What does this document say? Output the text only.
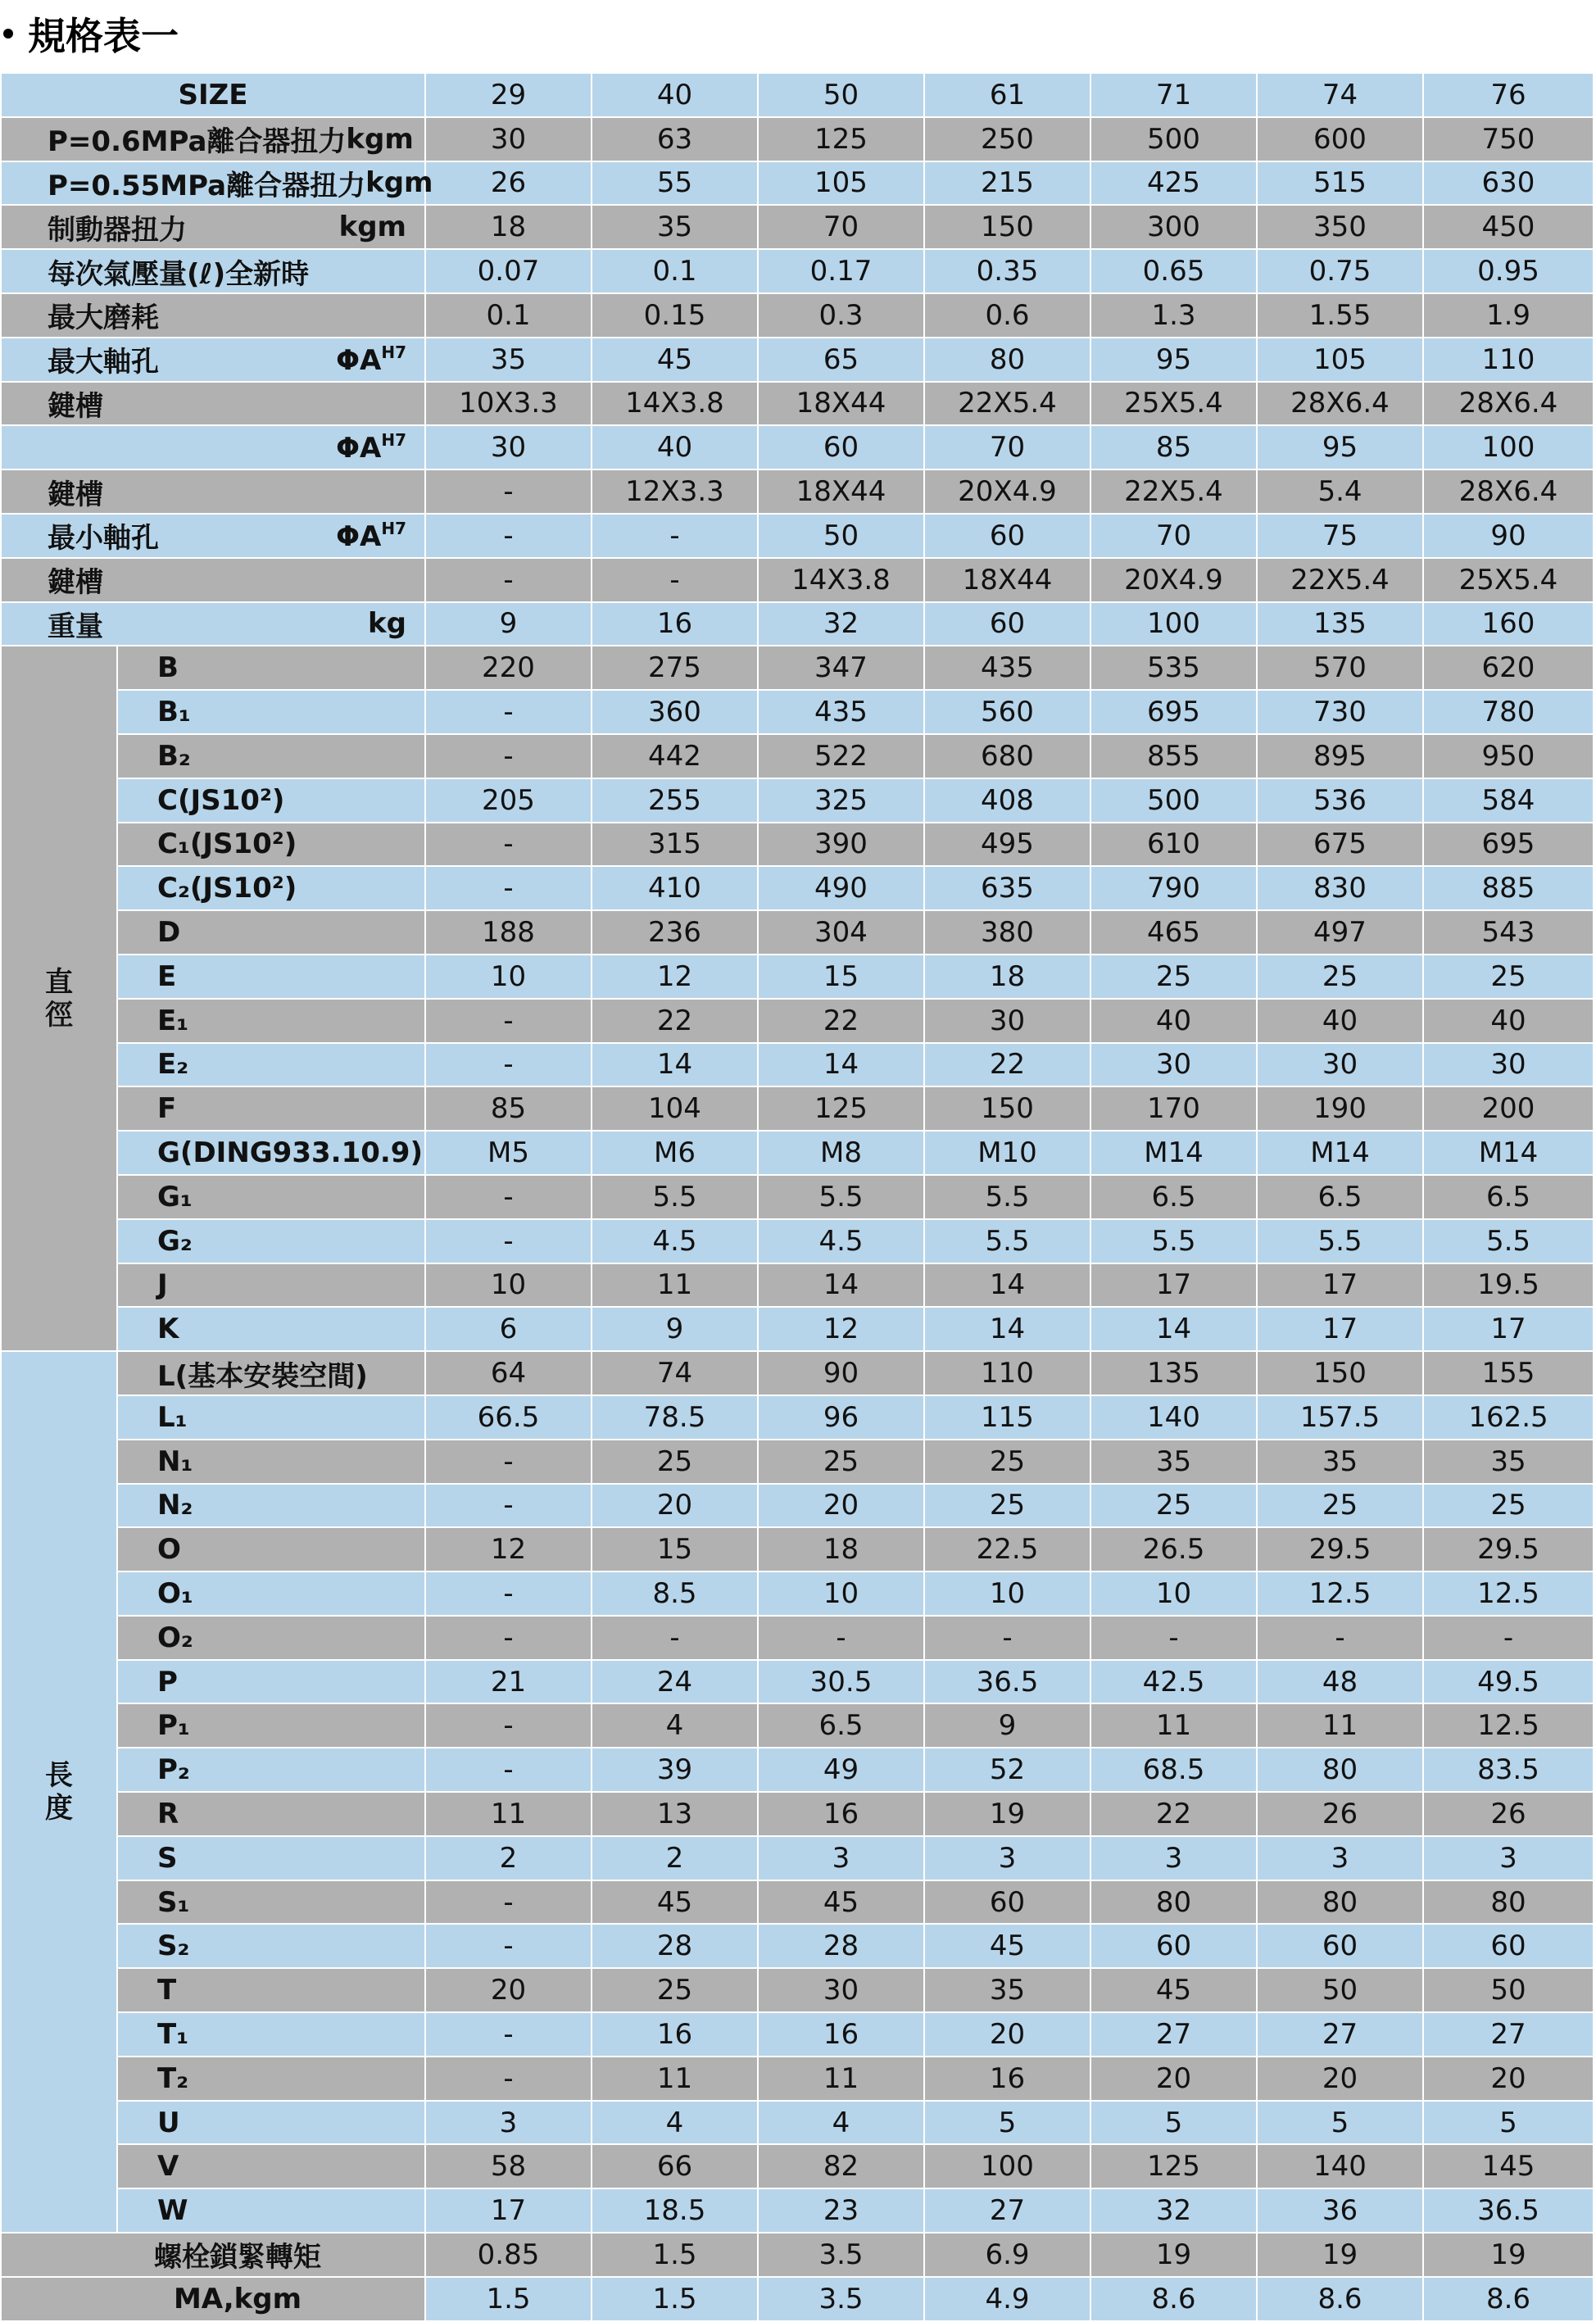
規格表一
SIZE		29	40	50	61	71	74	76

P=0.6MPa離合器扭力 kgm		30	63	125	250	500	600	750

P=0.55MPa離合器扭力 kgm		26	55	105	215	425	515	630

制動器扭力 kgm		18	35	70	150	300	350	450

每次氣壓量(ℓ)全新時		0.07	0.1	0.17	0.35	0.65	0.75	0.95

最大磨耗		0.1	0.15	0.3	0.6	1.3	1.55	1.9

最大軸孔 $\Phi A^{H7}$		35	45	65	80	95	105	110

鍵槽		10X3.3	14X3.8	18X44	22X5.4	25X5.4	28X6.4	28X6.4

$\Phi A^{H7}$		30	40	60	70	85	95	100

鍵槽		-	12X3.3	18X44	20X4.9	22X5.4	5.4	28X6.4

最小軸孔 $\Phi A^{H7}$		-	-	50	60	70	75	90

鍵槽		-	-	14X3.8	18X44	20X4.9	22X5.4	25X5.4

重量 kg		9	16	32	60	100	135	160
直徑	B	220	275	347	435	535	570	620
	B₁	-	360	435	560	695	730	780
	B₂	-	442	522	680	855	895	950
	C(JS10²)	205	255	325	408	500	536	584
	C₁(JS10²)	-	315	390	495	610	675	695
	C₂(JS10²)	-	410	490	635	790	830	885
	D	188	236	304	380	465	497	543
	E	10	12	15	18	25	25	25
	E₁	-	22	22	30	40	40	40
	E₂	-	14	14	22	30	30	30
	F	85	104	125	150	170	190	200
	G(DING933.10.9)	M5	M6	M8	M10	M14	M14	M14
	G₁	-	5.5	5.5	5.5	6.5	6.5	6.5
	G₂	-	4.5	4.5	5.5	5.5	5.5	5.5
	J	10	11	14	14	17	17	19.5
	K	6	9	12	14	14	17	17
長度	L(基本安裝空間)	64	74	90	110	135	150	155
	L₁	66.5	78.5	96	115	140	157.5	162.5
	N₁	-	25	25	25	35	35	35
	N₂	-	20	20	25	25	25	25
	O	12	15	18	22.5	26.5	29.5	29.5
	O₁	-	8.5	10	10	10	12.5	12.5
	O₂	-	-	-	-	-	-	-
	P	21	24	30.5	36.5	42.5	48	49.5
	P₁	-	4	6.5	9	11	11	12.5
	P₂	-	39	49	52	68.5	80	83.5
	R	11	13	16	19	22	26	26
	S	2	2	3	3	3	3	3
	S₁	-	45	45	60	80	80	80
	S₂	-	28	28	45	60	60	60
	T	20	25	30	35	45	50	50
	T₁	-	16	16	20	27	27	27
	T₂	-	11	11	16	20	20	20
	U	3	4	4	5	5	5	5
	V	58	66	82	100	125	140	145
	W	17	18.5	23	27	32	36	36.5
螺栓鎖緊轉矩		0.85	1.5	3.5	6.9	19	19	19
MA,kgm		1.5	1.5	3.5	4.9	8.6	8.6	8.6
